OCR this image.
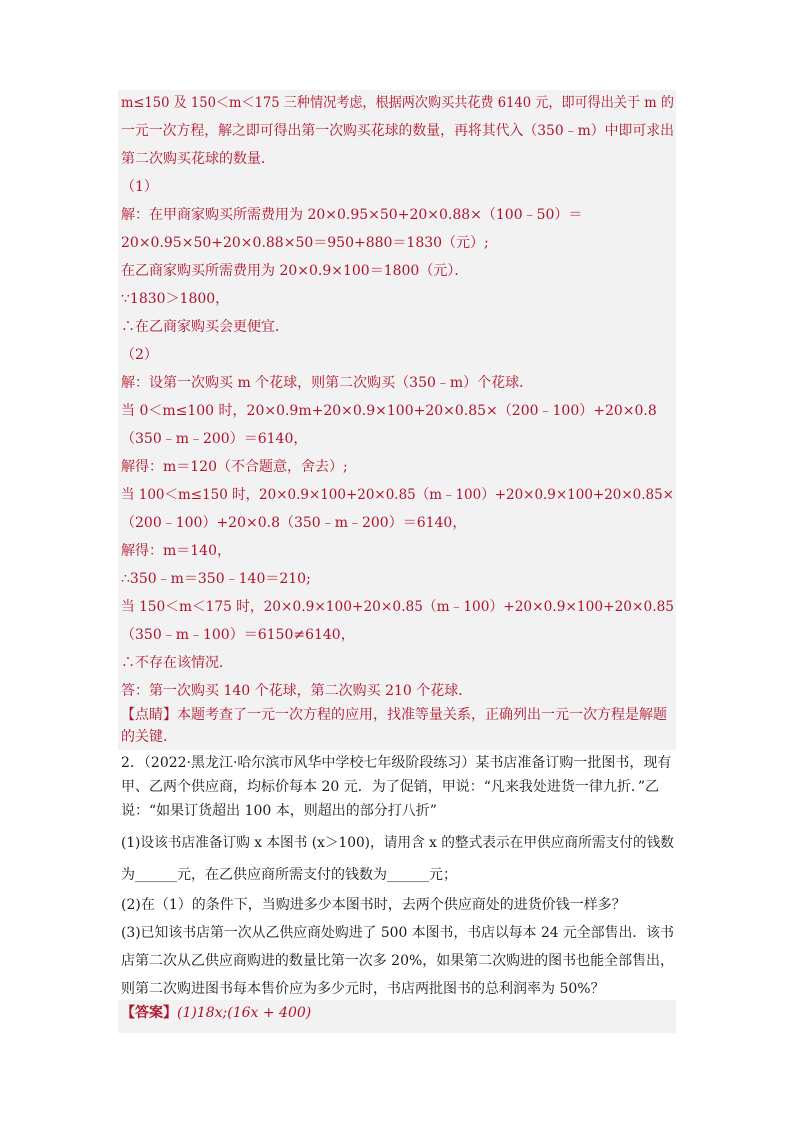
m≤150 及 150＜m＜175 三种情况考虑，根据两次购买共花费 6140 元，即可得出关于 m 的
一元一次方程，解之即可得出第一次购买花球的数量，再将其代入（350﹣m）中即可求出
第二次购买花球的数量．
（1）
解：在甲商家购买所需费用为 20×0.95×50+20×0.88×（100﹣50）＝
20×0.95×50+20×0.88×50＝950+880＝1830（元）;
在乙商家购买所需费用为 20×0.9×100＝1800（元）．
∵1830＞1800，
∴在乙商家购买会更便宜．
（2）
解：设第一次购买 m 个花球，则第二次购买（350﹣m）个花球．
当 0＜m≤100 时，20×0.9m+20×0.9×100+20×0.85×（200﹣100）+20×0.8
（350﹣m﹣200）＝6140，
解得：m＝120（不合题意，舍去）;
当 100＜m≤150 时，20×0.9×100+20×0.85（m﹣100）+20×0.9×100+20×0.85×
（200﹣100）+20×0.8（350﹣m﹣200）＝6140，
解得：m＝140，
∴350﹣m＝350﹣140＝210;
当 150＜m＜175 时，20×0.9×100+20×0.85（m﹣100）+20×0.9×100+20×0.85
（350﹣m﹣100）＝6150≠6140，
∴不存在该情况．
答：第一次购买 140 个花球，第二次购买 210 个花球．
【点睛】本题考查了一元一次方程的应用，找准等量关系，正确列出一元一次方程是解题
的关键．
2．（2022·黑龙江·哈尔滨市风华中学校七年级阶段练习）某书店准备订购一批图书，现有
甲、乙两个供应商，均标价每本 20 元．为了促销，甲说：“凡来我处进货一律九折．”乙
说：“如果订货超出 100 本，则超出的部分打八折”
(1)设该书店准备订购 x 本图书 (x＞100)，请用含 x 的整式表示在甲供应商所需支付的钱数
为______元，在乙供应商所需支付的钱数为______元；
(2)在（1）的条件下，当购进多少本图书时，去两个供应商处的进货价钱一样多？
(3)已知该书店第一次从乙供应商处购进了 500 本图书，书店以每本 24 元全部售出．该书
店第二次从乙供应商购进的数量比第一次多 20%，如果第二次购进的图书也能全部售出，
则第二次购进图书每本售价应为多少元时，书店两批图书的总利润率为 50%？
【答案】(1)18x;(16x + 400)
